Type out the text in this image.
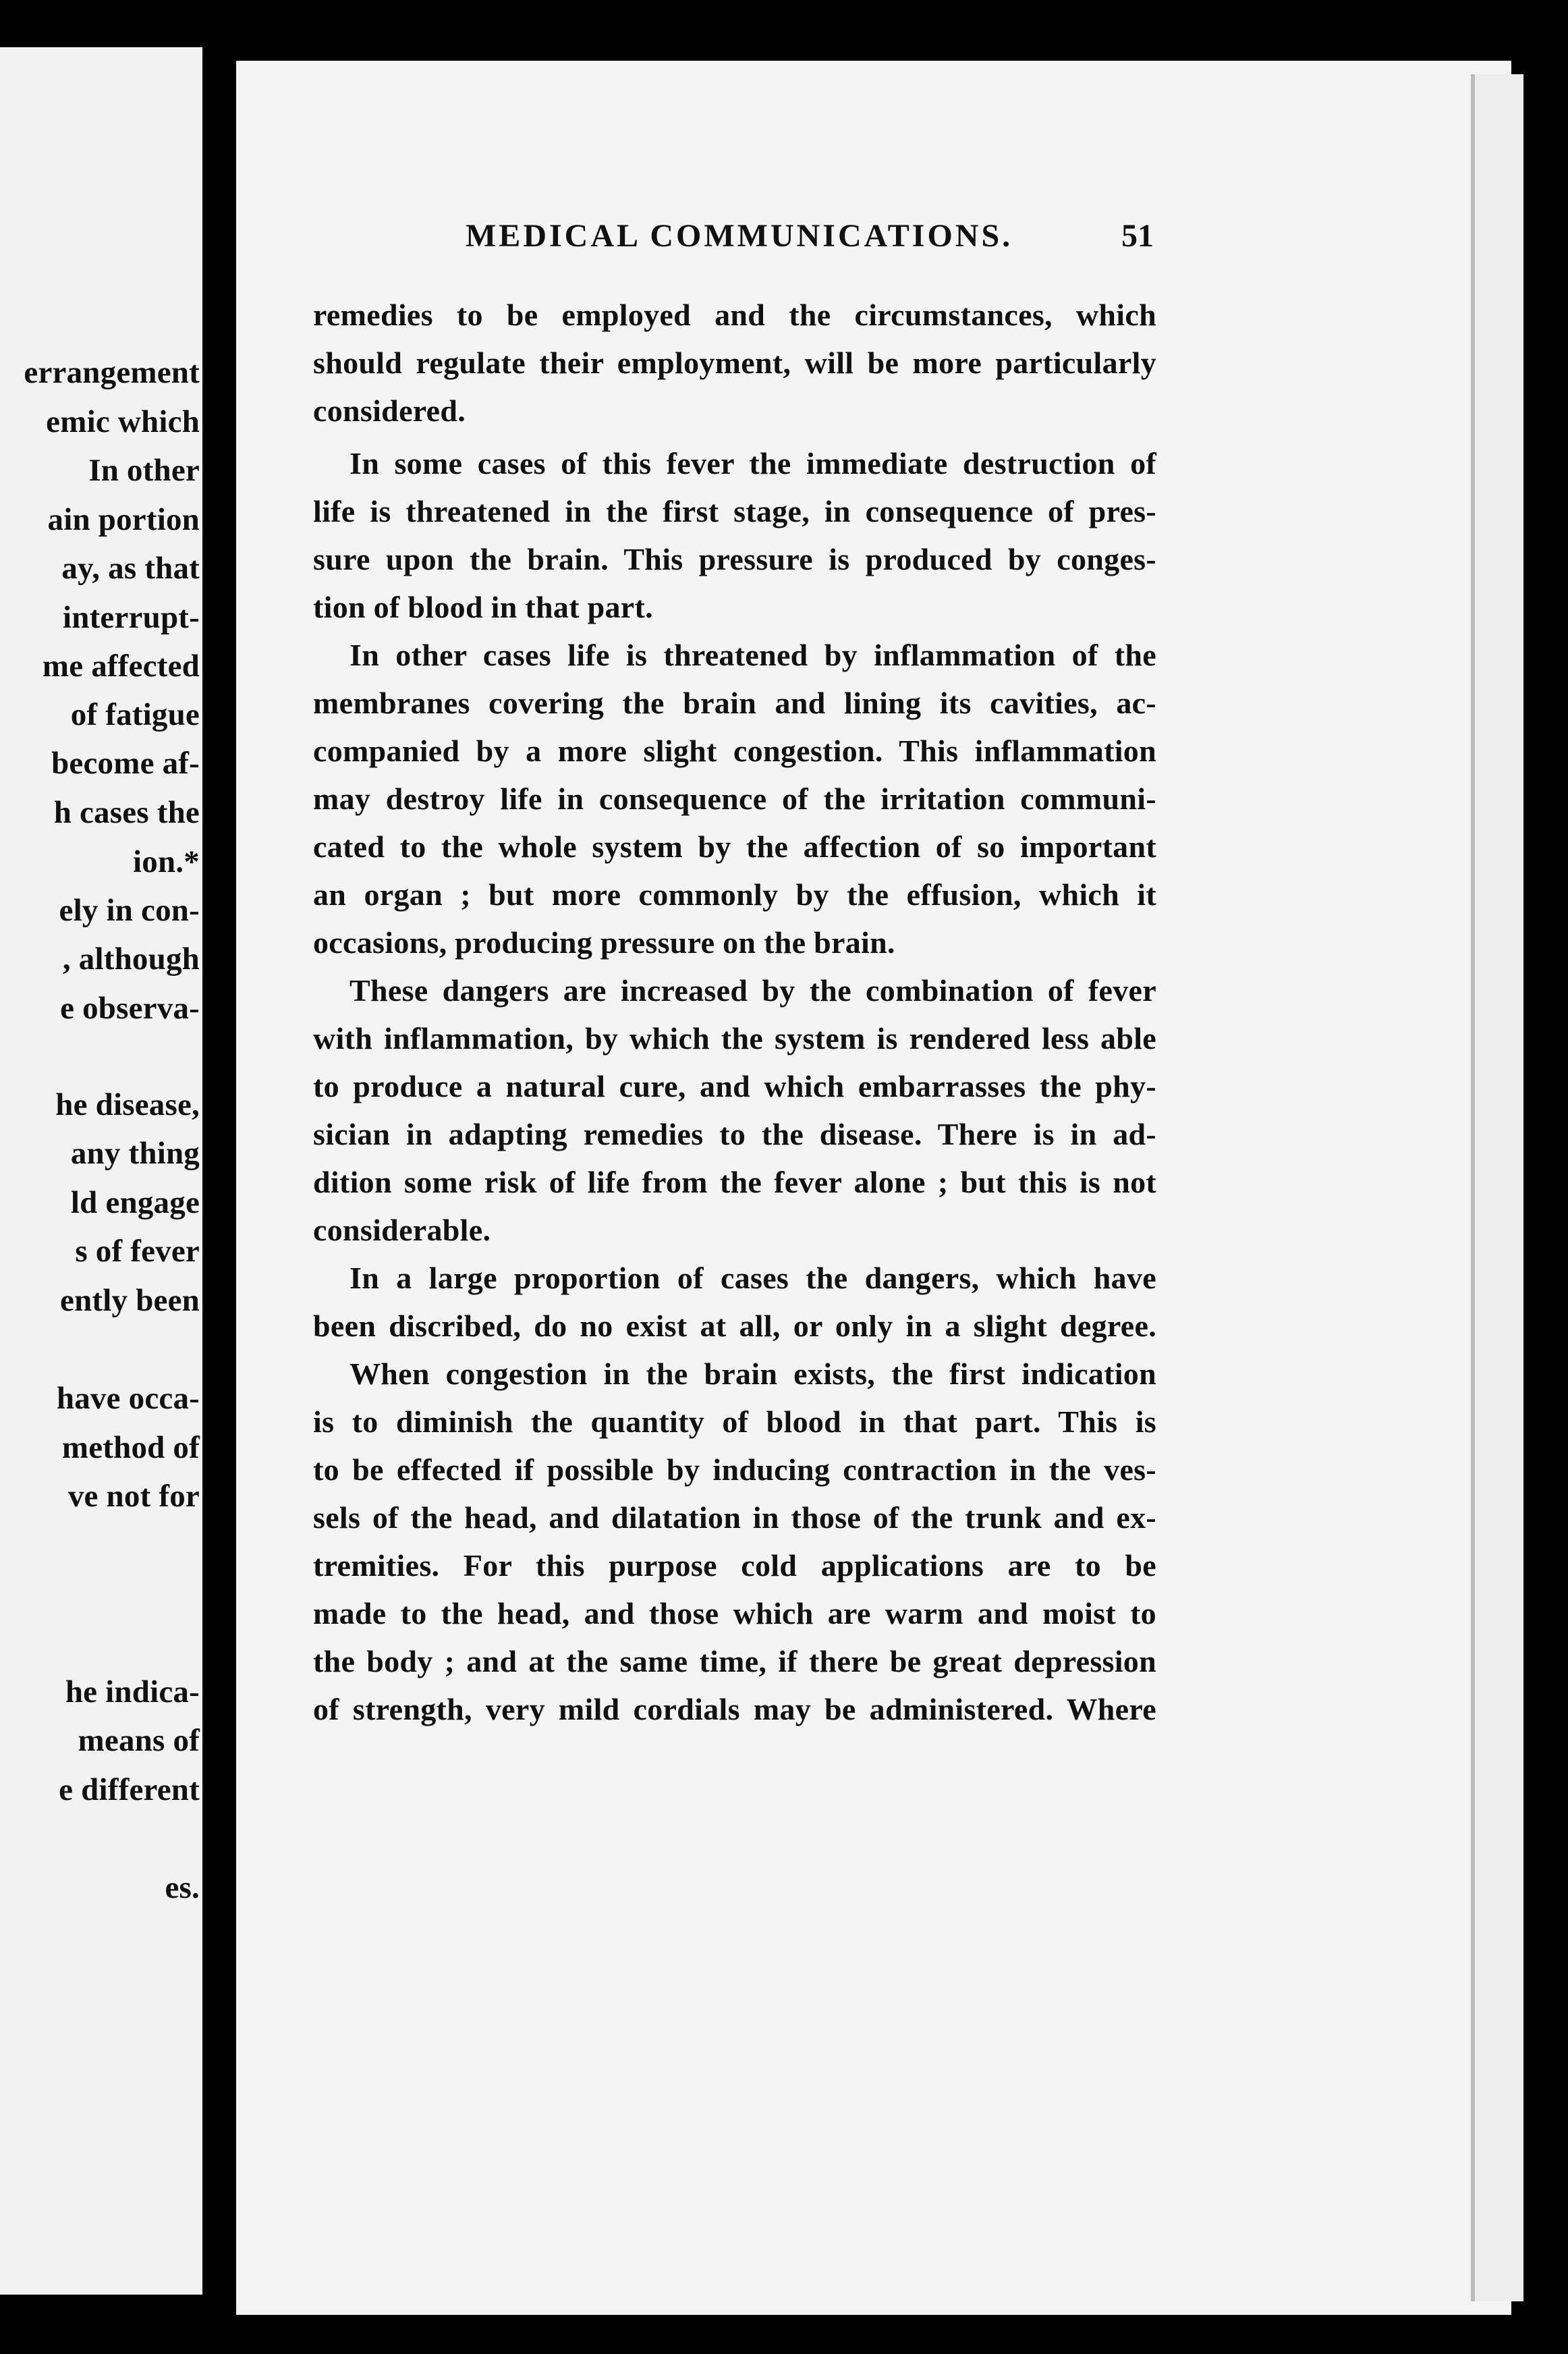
errangement

emic which

In other

ain portion

ay, as that

interrupt-

me affected

of fatigue

become af-

h cases the

ion.*

ely in con-

, although

e observa-

he disease,

any thing

ld engage

s of fever

ently been

have occa-

method of

ve not for

he indica-

means of

e different

es.

MEDICAL COMMUNICATIONS.	51

remedies to be employed and the circumstances, which

should regulate their employment, will be more particularly

considered.

In some cases of this fever the immediate destruction of

life is threatened in the first stage, in consequence of pres-

sure upon the brain. This pressure is produced by conges-

tion of blood in that part.

In other cases life is threatened by inflammation of the

membranes covering the brain and lining its cavities, ac-

companied by a more slight congestion. This inflammation

may destroy life in consequence of the irritation communi-

cated to the whole system by the affection of so important

an organ ; but more commonly by the effusion, which it

occasions, producing pressure on the brain.

These dangers are increased by the combination of fever

with inflammation, by which the system is rendered less able

to produce a natural cure, and which embarrasses the phy-

sician in adapting remedies to the disease. There is in ad-

dition some risk of life from the fever alone ; but this is not

considerable.

In a large proportion of cases the dangers, which have

been discribed, do no exist at all, or only in a slight degree.

When congestion in the brain exists, the first indication

is to diminish the quantity of blood in that part. This is

to be effected if possible by inducing contraction in the ves-

sels of the head, and dilatation in those of the trunk and ex-

tremities. For this purpose cold applications are to be

made to the head, and those which are warm and moist to

the body ; and at the same time, if there be great depression

of strength, very mild cordials may be administered. Where
